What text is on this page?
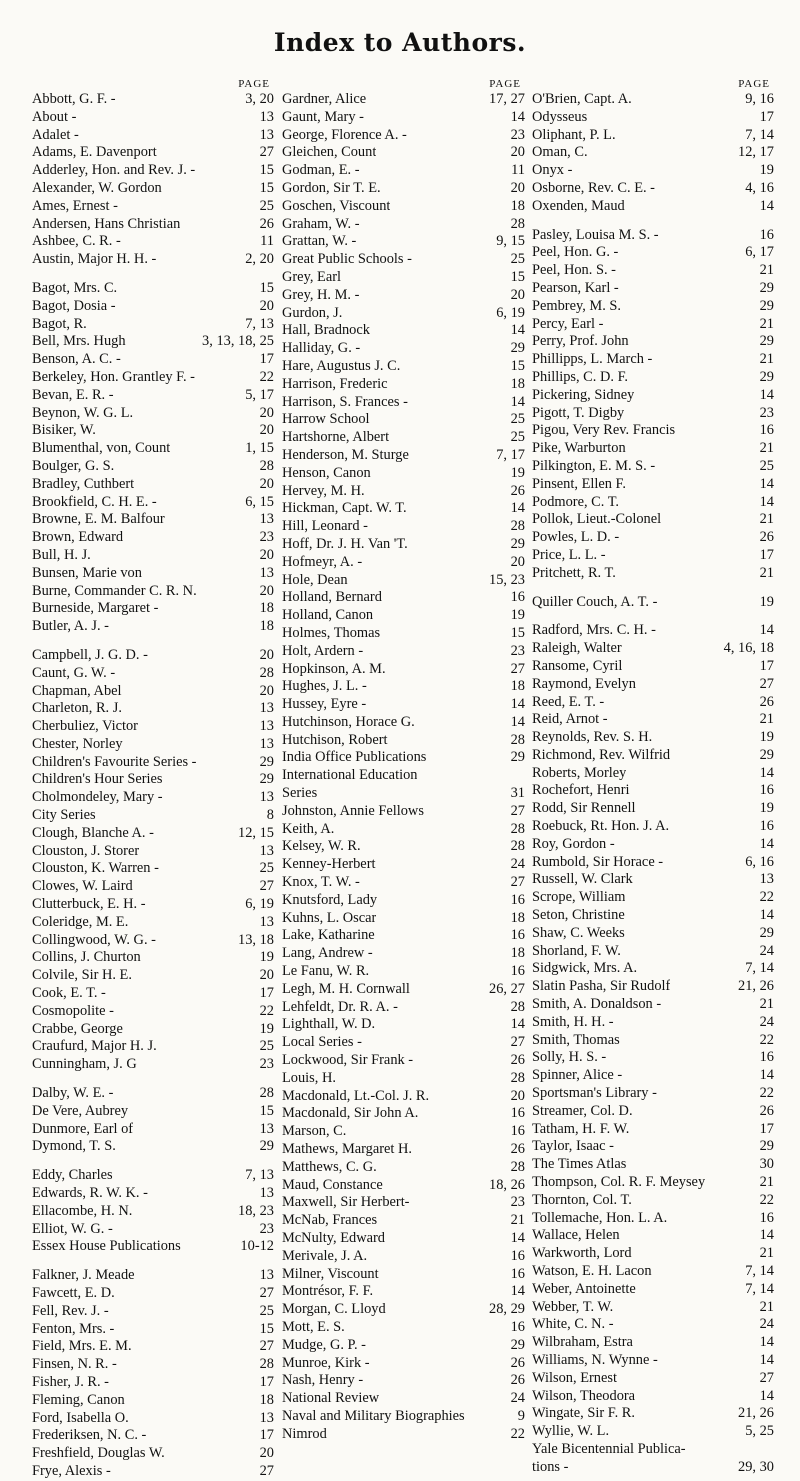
Index to Authors.
PAGE
Abbott, G. F. -	3, 20
About -	13
Adalet -	13
Adams, E. Davenport	27
Adderley, Hon. and Rev. J. -	15
Alexander, W. Gordon	15
Ames, Ernest -	25
Andersen, Hans Christian	26
Ashbee, C. R. -	11
Austin, Major H. H. -	2, 20
Bagot, Mrs. C.	15
Bagot, Dosia -	20
Bagot, R.	7, 13
Bell, Mrs. Hugh	3, 13, 18, 25
Benson, A. C. -	17
Berkeley, Hon. Grantley F. -	22
Bevan, E. R. -	5, 17
Beynon, W. G. L.	20
Bisiker, W.	20
Blumenthal, von, Count	1, 15
Boulger, G. S.	28
Bradley, Cuthbert	20
Brookfield, C. H. E. -	6, 15
Browne, E. M. Balfour	13
Brown, Edward	23
Bull, H. J.	20
Bunsen, Marie von	13
Burne, Commander C. R. N.	20
Burneside, Margaret -	18
Butler, A. J. -	18
Campbell, J. G. D. -	20
Caunt, G. W. -	28
Chapman, Abel	20
Charleton, R. J.	13
Cherbuliez, Victor	13
Chester, Norley	13
Children's Favourite Series -	29
Children's Hour Series	29
Cholmondeley, Mary -	13
City Series	8
Clough, Blanche A. -	12, 15
Clouston, J. Storer	13
Clouston, K. Warren -	25
Clowes, W. Laird	27
Clutterbuck, E. H. -	6, 19
Coleridge, M. E.	13
Collingwood, W. G. -	13, 18
Collins, J. Churton	19
Colvile, Sir H. E.	20
Cook, E. T. -	17
Cosmopolite -	22
Crabbe, George	19
Craufurd, Major H. J.	25
Cunningham, J. G	23
Dalby, W. E. -	28
De Vere, Aubrey	15
Dunmore, Earl of	13
Dymond, T. S.	29
Eddy, Charles	7, 13
Edwards, R. W. K. -	13
Ellacombe, H. N.	18, 23
Elliot, W. G. -	23
Essex House Publications	10-12
Falkner, J. Meade	13
Fawcett, E. D.	27
Fell, Rev. J. -	25
Fenton, Mrs. -	15
Field, Mrs. E. M.	27
Finsen, N. R. -	28
Fisher, J. R. -	17
Fleming, Canon	18
Ford, Isabella O.	13
Frederiksen, N. C. -	17
Freshfield, Douglas W.	20
Frye, Alexis -	27
PAGE
Gardner, Alice	17, 27
Gaunt, Mary -	14
George, Florence A. -	23
Gleichen, Count	20
Godman, E. -	11
Gordon, Sir T. E.	20
Goschen, Viscount	18
Graham, W. -	28
Grattan, W. -	9, 15
Great Public Schools -	25
Grey, Earl	15
Grey, H. M. -	20
Gurdon, J.	6, 19
Hall, Bradnock	14
Halliday, G. -	29
Hare, Augustus J. C.	15
Harrison, Frederic	18
Harrison, S. Frances -	14
Harrow School	25
Hartshorne, Albert	25
Henderson, M. Sturge	7, 17
Henson, Canon	19
Hervey, M. H.	26
Hickman, Capt. W. T.	14
Hill, Leonard -	28
Hoff, Dr. J. H. Van 'T.	29
Hofmeyr, A. -	20
Hole, Dean	15, 23
Holland, Bernard	16
Holland, Canon	19
Holmes, Thomas	15
Holt, Ardern -	23
Hopkinson, A. M.	27
Hughes, J. L. -	18
Hussey, Eyre -	14
Hutchinson, Horace G.	14
Hutchison, Robert	28
India Office Publications	29
International Education
Series	31
Johnston, Annie Fellows	27
Keith, A.	28
Kelsey, W. R.	28
Kenney-Herbert	24
Knox, T. W. -	27
Knutsford, Lady	16
Kuhns, L. Oscar	18
Lake, Katharine	16
Lang, Andrew -	18
Le Fanu, W. R.	16
Legh, M. H. Cornwall	26, 27
Lehfeldt, Dr. R. A. -	28
Lighthall, W. D.	14
Local Series -	27
Lockwood, Sir Frank -	26
Louis, H.	28
Macdonald, Lt.-Col. J. R.	20
Macdonald, Sir John A.	16
Marson, C.	16
Mathews, Margaret H.	26
Matthews, C. G.	28
Maud, Constance	18, 26
Maxwell, Sir Herbert-	23
McNab, Frances	21
McNulty, Edward	14
Merivale, J. A.	16
Milner, Viscount	16
Montrésor, F. F.	14
Morgan, C. Lloyd	28, 29
Mott, E. S.	16
Mudge, G. P. -	29
Munroe, Kirk -	26
Nash, Henry -	26
National Review	24
Naval and Military Biographies	9
Nimrod	22
PAGE
O'Brien, Capt. A.	9, 16
Odysseus	17
Oliphant, P. L.	7, 14
Oman, C.	12, 17
Onyx -	19
Osborne, Rev. C. E. -	4, 16
Oxenden, Maud	14
Pasley, Louisa M. S. -	16
Peel, Hon. G. -	6, 17
Peel, Hon. S. -	21
Pearson, Karl -	29
Pembrey, M. S.	29
Percy, Earl -	21
Perry, Prof. John	29
Phillipps, L. March -	21
Phillips, C. D. F.	29
Pickering, Sidney	14
Pigott, T. Digby	23
Pigou, Very Rev. Francis	16
Pike, Warburton	21
Pilkington, E. M. S. -	25
Pinsent, Ellen F.	14
Podmore, C. T.	14
Pollok, Lieut.-Colonel	21
Powles, L. D. -	26
Price, L. L. -	17
Pritchett, R. T.	21
Quiller Couch, A. T. -	19
Radford, Mrs. C. H. -	14
Raleigh, Walter	4, 16, 18
Ransome, Cyril	17
Raymond, Evelyn	27
Reed, E. T. -	26
Reid, Arnot -	21
Reynolds, Rev. S. H.	19
Richmond, Rev. Wilfrid	29
Roberts, Morley	14
Rochefort, Henri	16
Rodd, Sir Rennell	19
Roebuck, Rt. Hon. J. A.	16
Roy, Gordon -	14
Rumbold, Sir Horace -	6, 16
Russell, W. Clark	13
Scrope, William	22
Seton, Christine	14
Shaw, C. Weeks	29
Shorland, F. W.	24
Sidgwick, Mrs. A.	7, 14
Slatin Pasha, Sir Rudolf	21, 26
Smith, A. Donaldson -	21
Smith, H. H. -	24
Smith, Thomas	22
Solly, H. S. -	16
Spinner, Alice -	14
Sportsman's Library -	22
Streamer, Col. D.	26
Tatham, H. F. W.	17
Taylor, Isaac -	29
The Times Atlas	30
Thompson, Col. R. F. Meysey	21
Thornton, Col. T.	22
Tollemache, Hon. L. A.	16
Wallace, Helen	14
Warkworth, Lord	21
Watson, E. H. Lacon	7, 14
Weber, Antoinette	7, 14
Webber, T. W.	21
White, C. N. -	24
Wilbraham, Estra	14
Williams, N. Wynne -	14
Wilson, Ernest	27
Wilson, Theodora	14
Wingate, Sir F. R.	21, 26
Wyllie, W. L.	5, 25
Yale Bicentennial Publica-
tions -	29, 30
